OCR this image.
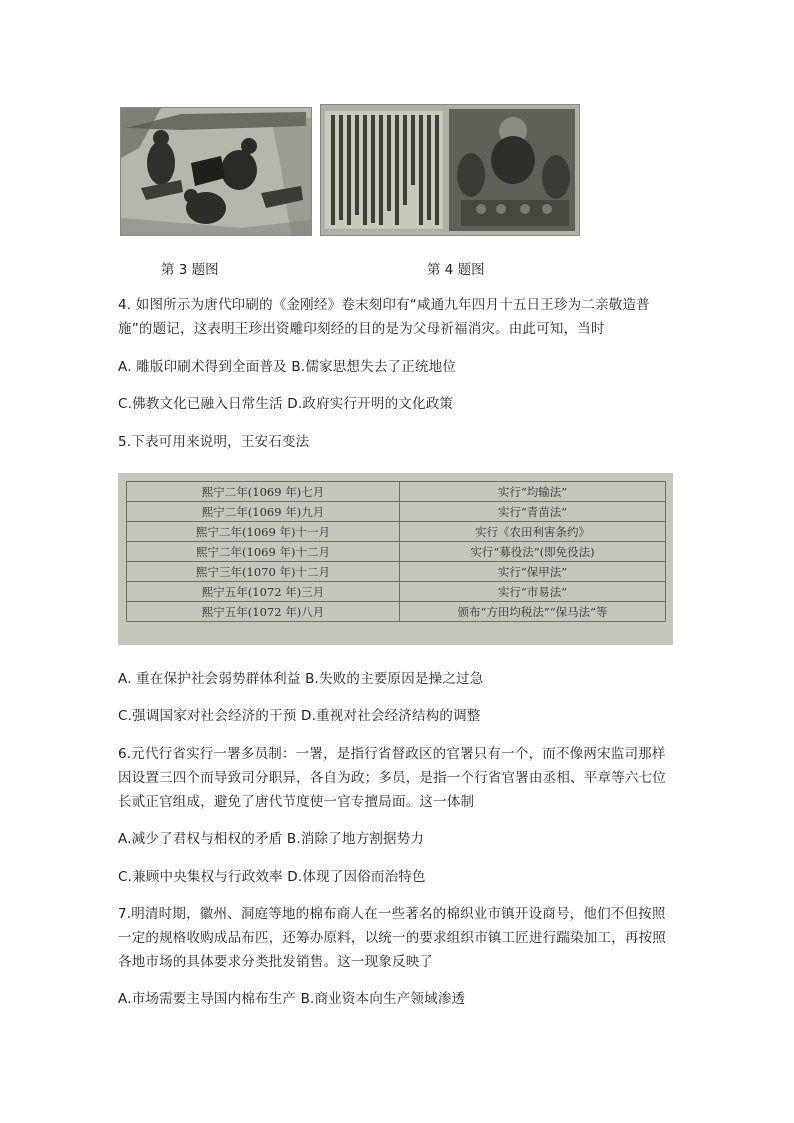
第 3 题图	第 4 题图
4. 如图所示为唐代印刷的《金刚经》卷末刻印有“咸通九年四月十五日王珍为二亲敬造普
施”的题记，这表明王珍出资雕印刻经的目的是为父母祈福消灾。由此可知，当时
A. 雕版印刷术得到全面普及 B.儒家思想失去了正统地位
C.佛教文化已融入日常生活 D.政府实行开明的文化政策
5.下表可用来说明，王安石变法
熙宁二年(1069 年)七月	实行“均输法”
熙宁二年(1069 年)九月	实行“青苗法”
熙宁二年(1069 年)十一月	实行《农田利害条约》
熙宁二年(1069 年)十二月	实行“募役法”(即免役法)
熙宁三年(1070 年)十二月	实行“保甲法”
熙宁五年(1072 年)三月	实行“市易法”
熙宁五年(1072 年)八月	颁布“方田均税法”“保马法”等
A. 重在保护社会弱势群体利益 B.失败的主要原因是操之过急
C.强调国家对社会经济的干预 D.重视对社会经济结构的调整
6.元代行省实行一署多员制：一署，是指行省督政区的官署只有一个，而不像两宋监司那样
因设置三四个而导致司分职异，各自为政；多员，是指一个行省官署由丞相、平章等六七位
长贰正官组成，避免了唐代节度使一官专擅局面。这一体制
A.减少了君权与相权的矛盾 B.消除了地方割据势力
C.兼顾中央集权与行政效率 D.体现了因俗而治特色
7.明清时期，徽州、洞庭等地的棉布商人在一些著名的棉织业市镇开设商号，他们不但按照
一定的规格收购成品布匹，还筹办原料，以统一的要求组织市镇工匠进行踹染加工，再按照
各地市场的具体要求分类批发销售。这一现象反映了
A.市场需要主导国内棉布生产 B.商业资本向生产领域渗透
